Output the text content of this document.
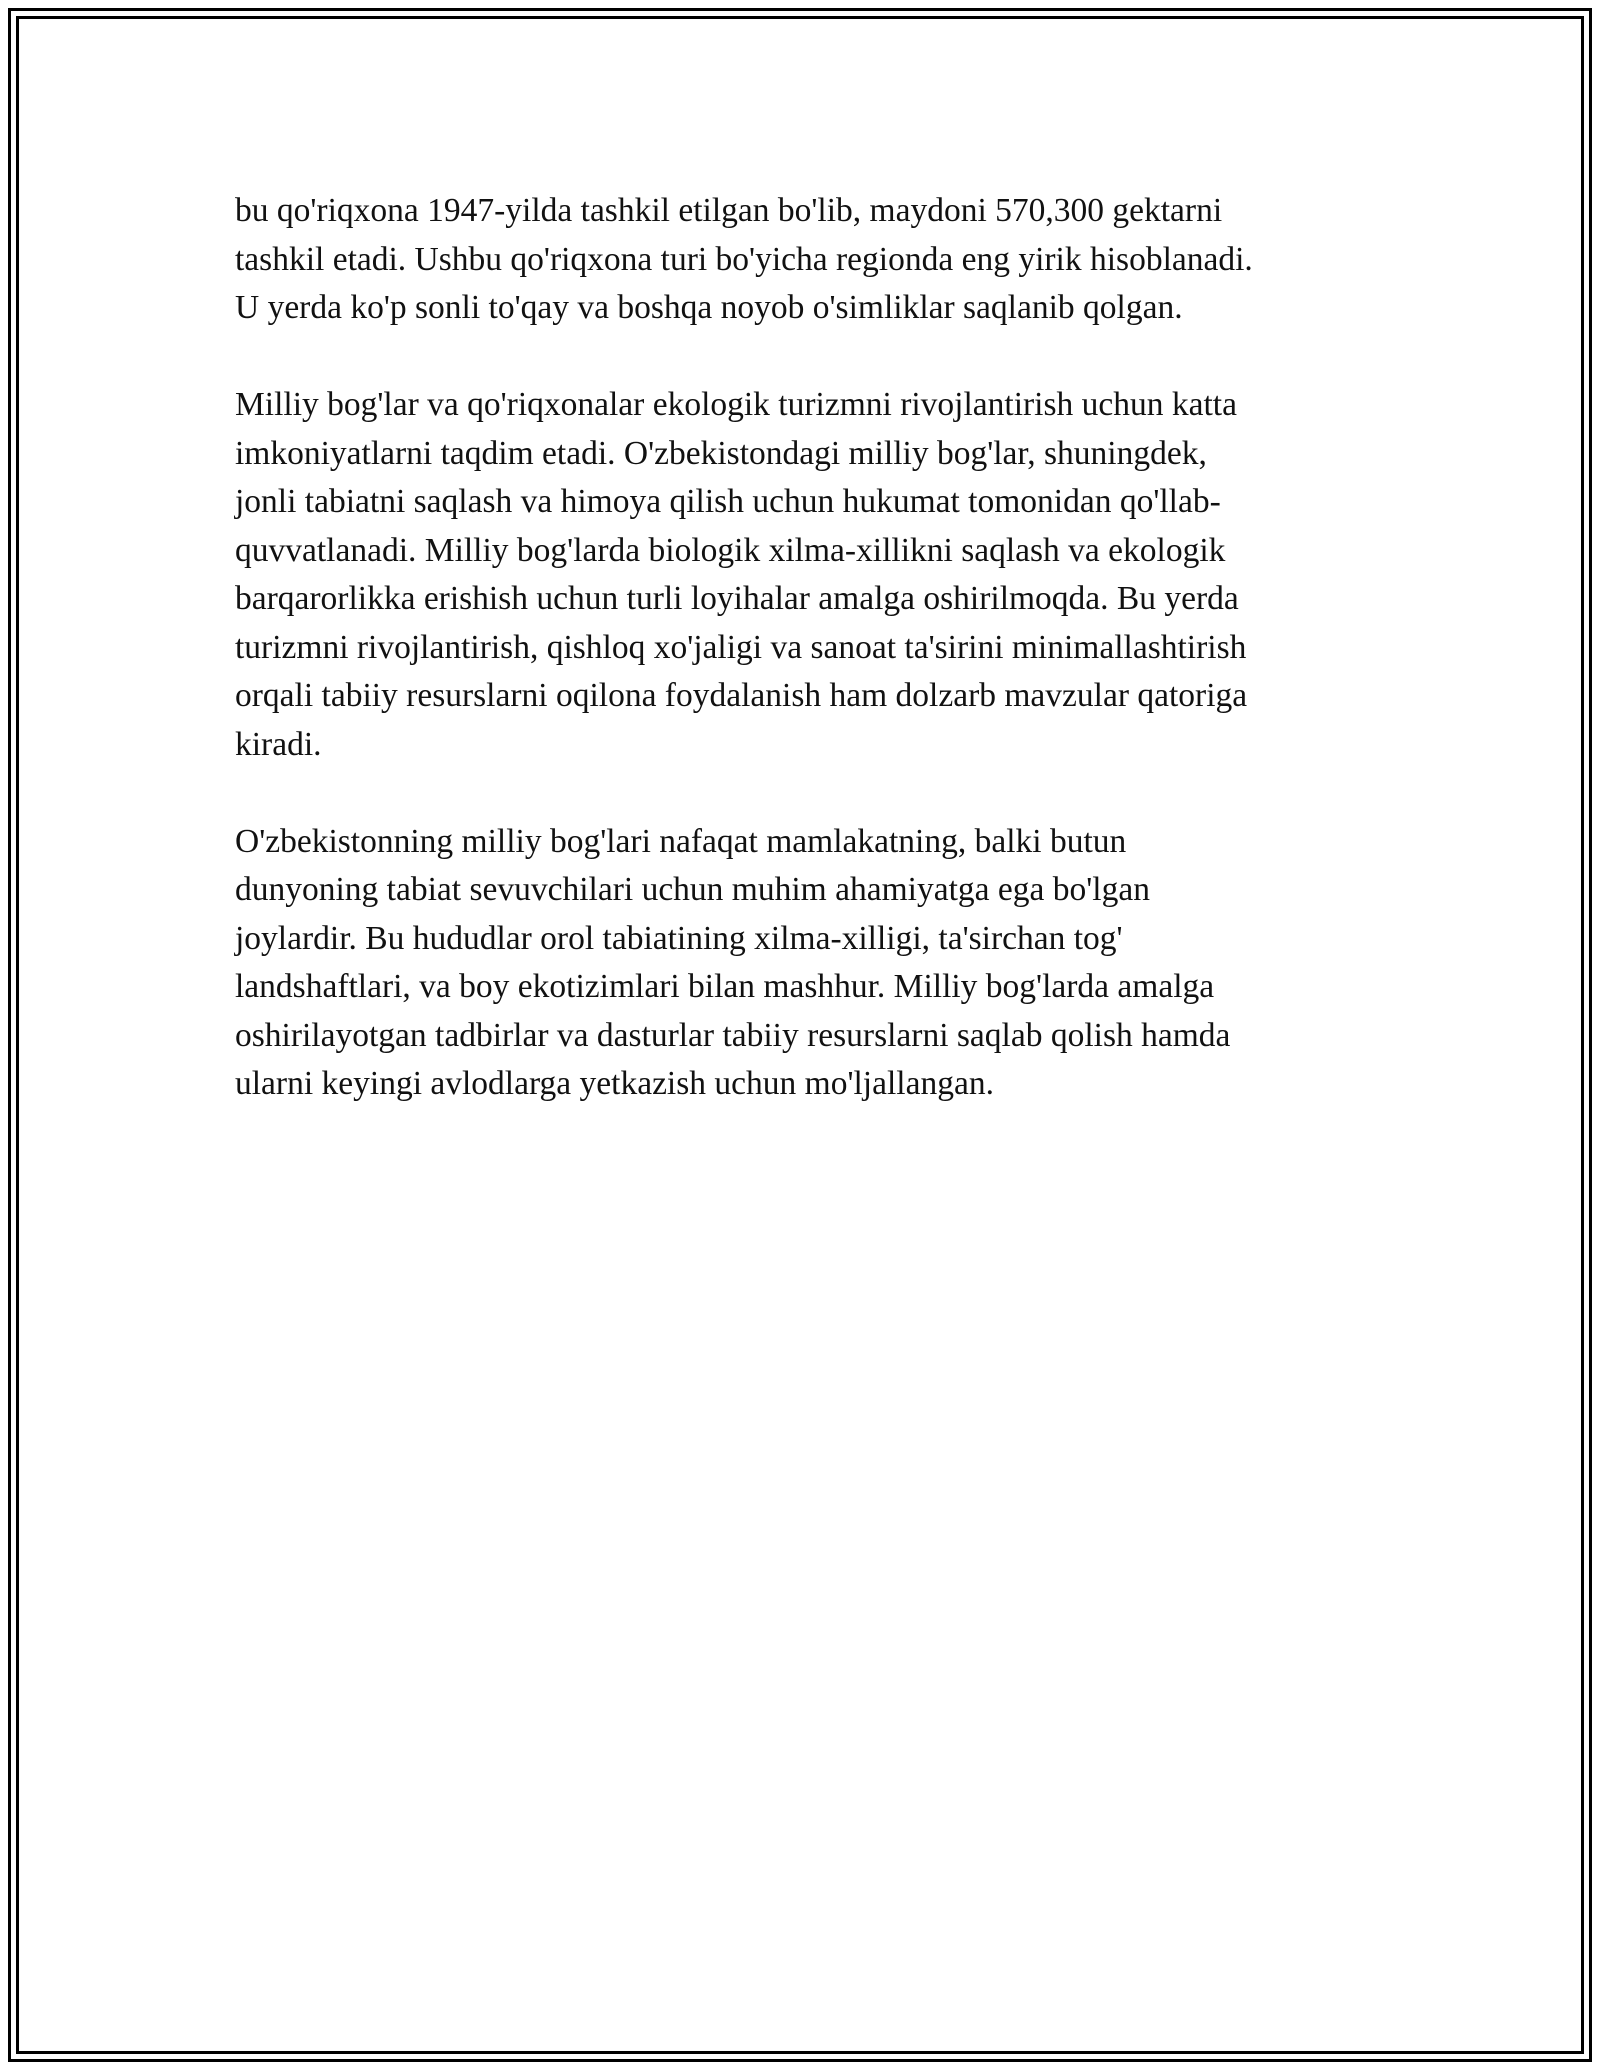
bu qo'riqxona 1947-yilda tashkil etilgan bo'lib, maydoni 570,300 gektarni
tashkil etadi. Ushbu qo'riqxona turi bo'yicha regionda eng yirik hisoblanadi.
U yerda ko'p sonli to'qay va boshqa noyob o'simliklar saqlanib qolgan.

Milliy bog'lar va qo'riqxonalar ekologik turizmni rivojlantirish uchun katta
imkoniyatlarni taqdim etadi. O'zbekistondagi milliy bog'lar, shuningdek,
jonli tabiatni saqlash va himoya qilish uchun hukumat tomonidan qo'llab-
quvvatlanadi. Milliy bog'larda biologik xilma-xillikni saqlash va ekologik
barqarorlikka erishish uchun turli loyihalar amalga oshirilmoqda. Bu yerda
turizmni rivojlantirish, qishloq xo'jaligi va sanoat ta'sirini minimallashtirish
orqali tabiiy resurslarni oqilona foydalanish ham dolzarb mavzular qatoriga
kiradi.

O'zbekistonning milliy bog'lari nafaqat mamlakatning, balki butun
dunyoning tabiat sevuvchilari uchun muhim ahamiyatga ega bo'lgan
joylardir. Bu hududlar orol tabiatining xilma-xilligi, ta'sirchan tog'
landshaftlari, va boy ekotizimlari bilan mashhur. Milliy bog'larda amalga
oshirilayotgan tadbirlar va dasturlar tabiiy resurslarni saqlab qolish hamda
ularni keyingi avlodlarga yetkazish uchun mo'ljallangan.
